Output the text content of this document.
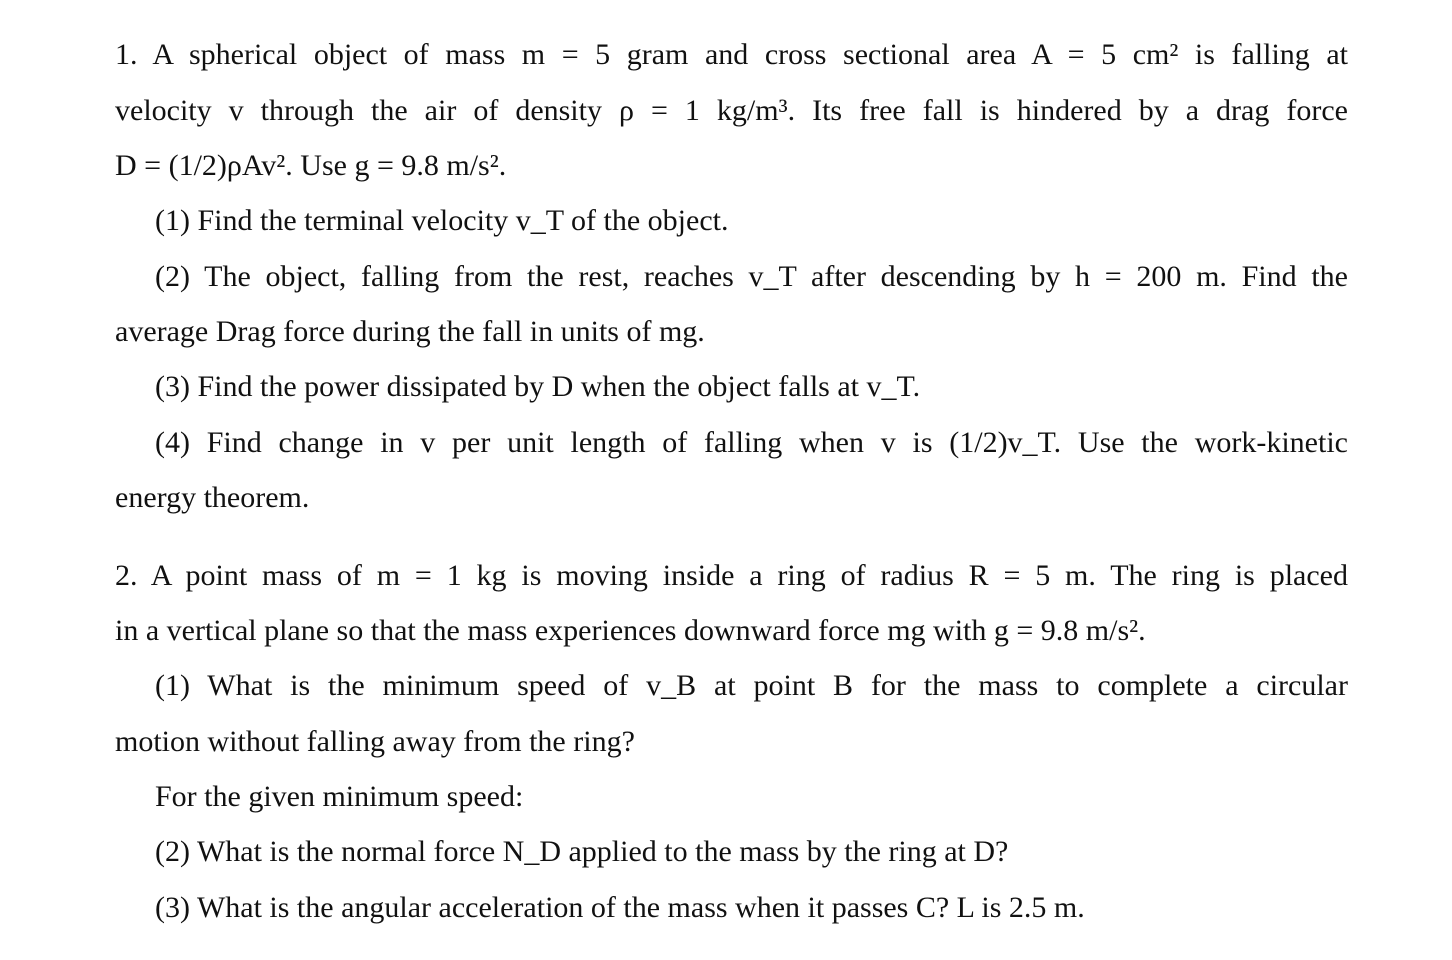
1. A spherical object of mass m = 5 gram and cross sectional area A = 5 cm² is falling at
velocity v through the air of density ρ = 1 kg/m³. Its free fall is hindered by a drag force
D = (1/2)ρAv². Use g = 9.8 m/s².
(1) Find the terminal velocity v_T of the object.
(2) The object, falling from the rest, reaches v_T after descending by h = 200 m. Find the
average Drag force during the fall in units of mg.
(3) Find the power dissipated by D when the object falls at v_T.
(4) Find change in v per unit length of falling when v is (1/2)v_T. Use the work-kinetic
energy theorem.
2. A point mass of m = 1 kg is moving inside a ring of radius R = 5 m. The ring is placed
in a vertical plane so that the mass experiences downward force mg with g = 9.8 m/s².
(1) What is the minimum speed of v_B at point B for the mass to complete a circular
motion without falling away from the ring?
For the given minimum speed:
(2) What is the normal force N_D applied to the mass by the ring at D?
(3) What is the angular acceleration of the mass when it passes C? L is 2.5 m.
